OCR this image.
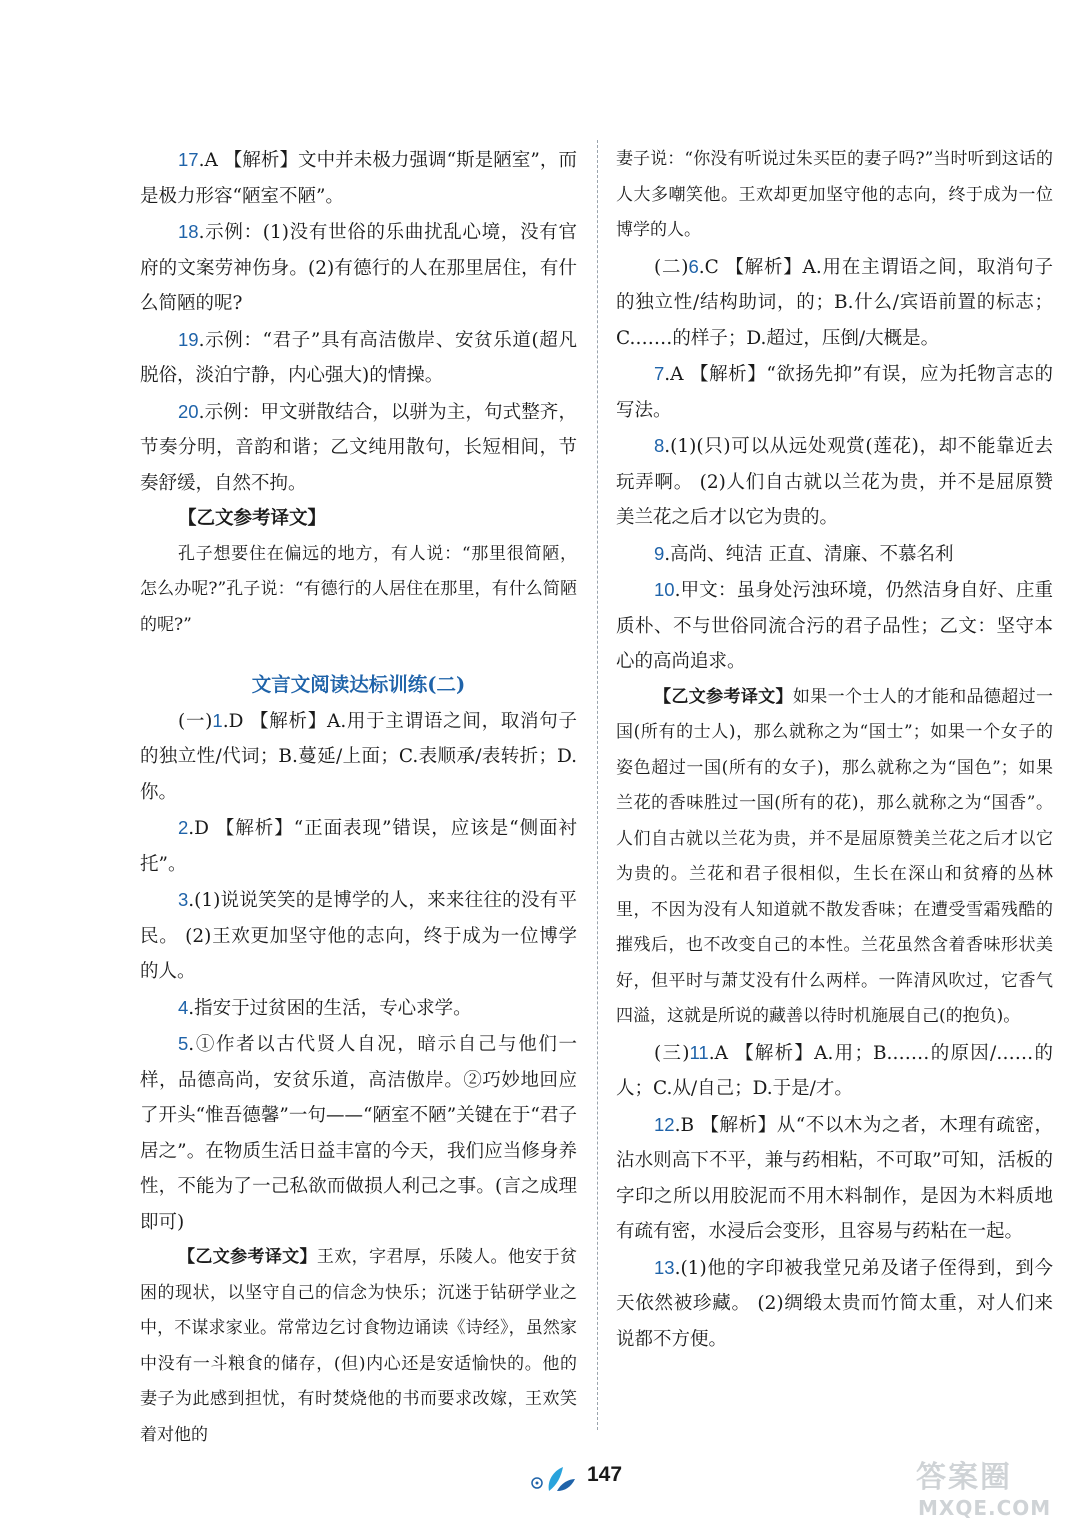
17.A 【解析】文中并未极力强调“斯是陋室”，而是极力形容“陋室不陋”。

18.示例：(1)没有世俗的乐曲扰乱心境，没有官府的文案劳神伤身。(2)有德行的人在那里居住，有什么简陋的呢?

19.示例：“君子”具有高洁傲岸、安贫乐道(超凡脱俗，淡泊宁静，内心强大)的情操。

20.示例：甲文骈散结合，以骈为主，句式整齐，节奏分明，音韵和谐；乙文纯用散句，长短相间，节奏舒缓，自然不拘。

【乙文参考译文】

孔子想要住在偏远的地方，有人说：“那里很简陋，怎么办呢?”孔子说：“有德行的人居住在那里，有什么简陋的呢?”

文言文阅读达标训练(二)

(一)1.D 【解析】A.用于主谓语之间，取消句子的独立性/代词；B.蔓延/上面；C.表顺承/表转折；D.你。

2.D 【解析】“正面表现”错误，应该是“侧面衬托”。

3.(1)说说笑笑的是博学的人，来来往往的没有平民。 (2)王欢更加坚守他的志向，终于成为一位博学的人。

4.指安于过贫困的生活，专心求学。

5.①作者以古代贤人自况，暗示自己与他们一样，品德高尚，安贫乐道，高洁傲岸。②巧妙地回应了开头“惟吾德馨”一句——“陋室不陋”关键在于“君子居之”。在物质生活日益丰富的今天，我们应当修身养性，不能为了一己私欲而做损人利己之事。(言之成理即可)

【乙文参考译文】王欢，字君厚，乐陵人。他安于贫困的现状，以坚守自己的信念为快乐；沉迷于钻研学业之中，不谋求家业。常常边乞讨食物边诵读《诗经》，虽然家中没有一斗粮食的储存，(但)内心还是安适愉快的。他的妻子为此感到担忧，有时焚烧他的书而要求改嫁，王欢笑着对他的

妻子说：“你没有听说过朱买臣的妻子吗?”当时听到这话的人大多嘲笑他。王欢却更加坚守他的志向，终于成为一位博学的人。

(二)6.C 【解析】A.用在主谓语之间，取消句子的独立性/结构助词，的；B.什么/宾语前置的标志；C.……的样子；D.超过，压倒/大概是。

7.A 【解析】“欲扬先抑”有误，应为托物言志的写法。

8.(1)(只)可以从远处观赏(莲花)，却不能靠近去玩弄啊。 (2)人们自古就以兰花为贵，并不是屈原赞美兰花之后才以它为贵的。

9.高尚、纯洁 正直、清廉、不慕名利

10.甲文：虽身处污浊环境，仍然洁身自好、庄重质朴、不与世俗同流合污的君子品性；乙文：坚守本心的高尚追求。

【乙文参考译文】如果一个士人的才能和品德超过一国(所有的士人)，那么就称之为“国士”；如果一个女子的姿色超过一国(所有的女子)，那么就称之为“国色”；如果兰花的香味胜过一国(所有的花)，那么就称之为“国香”。人们自古就以兰花为贵，并不是屈原赞美兰花之后才以它为贵的。兰花和君子很相似，生长在深山和贫瘠的丛林里，不因为没有人知道就不散发香味；在遭受雪霜残酷的摧残后，也不改变自己的本性。兰花虽然含着香味形状美好，但平时与萧艾没有什么两样。一阵清风吹过，它香气四溢，这就是所说的藏善以待时机施展自己(的抱负)。

(三)11.A 【解析】A.用；B.……的原因/……的人；C.从/自己；D.于是/才。

12.B 【解析】从“不以木为之者，木理有疏密，沾水则高下不平，兼与药相粘，不可取”可知，活板的字印之所以用胶泥而不用木料制作，是因为木料质地有疏有密，水浸后会变形，且容易与药粘在一起。

13.(1)他的字印被我堂兄弟及诸子侄得到，到今天依然被珍藏。 (2)绸缎太贵而竹简太重，对人们来说都不方便。

147	答案圈
MXQE.COM
